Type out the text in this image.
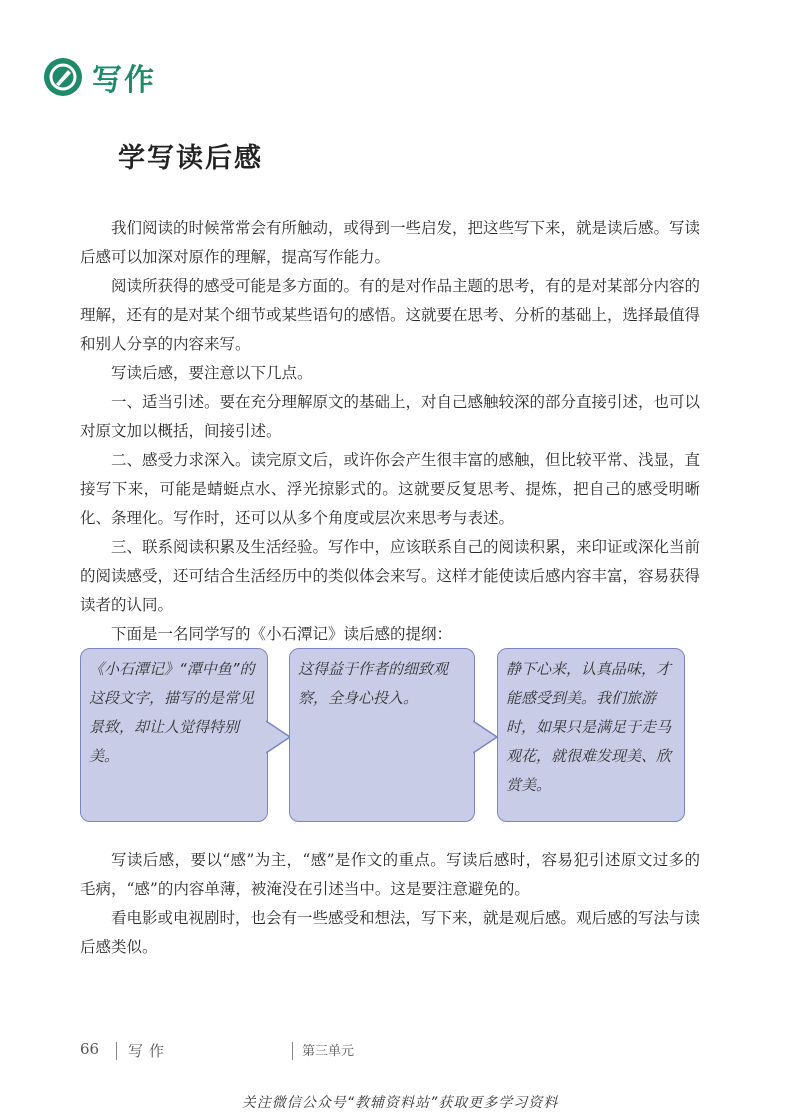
写作
学写读后感

我们阅读的时候常常会有所触动，或得到一些启发，把这些写下来，就是读后感。写读后感可以加深对原作的理解，提高写作能力。

阅读所获得的感受可能是多方面的。有的是对作品主题的思考，有的是对某部分内容的理解，还有的是对某个细节或某些语句的感悟。这就要在思考、分析的基础上，选择最值得和别人分享的内容来写。

写读后感，要注意以下几点。

一、适当引述。要在充分理解原文的基础上，对自己感触较深的部分直接引述，也可以对原文加以概括，间接引述。

二、感受力求深入。读完原文后，或许你会产生很丰富的感触，但比较平常、浅显，直接写下来，可能是蜻蜓点水、浮光掠影式的。这就要反复思考、提炼，把自己的感受明晰化、条理化。写作时，还可以从多个角度或层次来思考与表述。

三、联系阅读积累及生活经验。写作中，应该联系自己的阅读积累，来印证或深化当前的阅读感受，还可结合生活经历中的类似体会来写。这样才能使读后感内容丰富，容易获得读者的认同。

下面是一名同学写的《小石潭记》读后感的提纲：

《小石潭记》“潭中鱼”的这段文字，描写的是常见景致，却让人觉得特别美。
这得益于作者的细致观察，全身心投入。
静下心来，认真品味，才能感受到美。我们旅游时，如果只是满足于走马观花，就很难发现美、欣赏美。

写读后感，要以“感”为主，“感”是作文的重点。写读后感时，容易犯引述原文过多的毛病，“感”的内容单薄，被淹没在引述当中。这是要注意避免的。

看电影或电视剧时，也会有一些感受和想法，写下来，就是观后感。观后感的写法与读后感类似。

66 写作	第三单元
关注微信公众号“教辅资料站”获取更多学习资料
